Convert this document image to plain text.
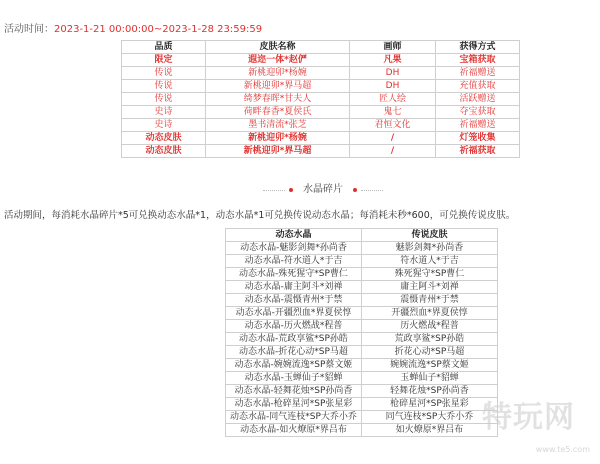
活动时间：2023-1-21 00:00:00~2023-1-28 23:59:59
品质	皮肤名称	画师	获得方式
限定	遐迩一体*赵俨	凡果	宝箱获取
传说	新桃迎卯*杨婉	DH	祈福赠送
传说	新桃迎卯*界马超	DH	充值获取
传说	绮梦春晖*甘夫人	匠人绘	活跃赠送
史诗	荷畔春香*夏侯氏	鬼七	夺宝获取
史诗	墨书清流*张芝	君恒文化	祈福赠送
动态皮肤	新桃迎卯*杨婉	/	灯笼收集
动态皮肤	新桃迎卯*界马超	/	祈福获取
水晶碎片
活动期间，每消耗水晶碎片*5可兑换动态水晶*1，动态水晶*1可兑换传说动态水晶；每消耗未秒*600，可兑换传说皮肤。
动态水晶	传说皮肤
动态水晶-魅影剑舞*孙尚香	魅影剑舞*孙尚香
动态水晶-符水道人*于吉	符水道人*于吉
动态水晶-殊死猩守*SP曹仁	殊死猩守*SP曹仁
动态水晶-庸主阿斗*刘禅	庸主阿斗*刘禅
动态水晶-震慑青州*于禁	震慑青州*于禁
动态水晶-开疆烈血*界夏侯惇	开疆烈血*界夏侯惇
动态水晶-历火燃战*程普	历火燃战*程普
动态水晶-荒政享鲨*SP孙皓	荒政享鲨*SP孙皓
动态水晶-折花心动*SP马超	折花心动*SP马超
动态水晶-婉婉流逸*SP蔡文姬	婉婉流逸*SP蔡文姬
动态水晶-玉蝉仙子*貂蝉	玉蝉仙子*貂蝉
动态水晶-轻舞花烛*SP孙尚香	轻舞花烛*SP孙尚香
动态水晶-枪碎星河*SP张星彩	枪碎星河*SP张星彩
动态水晶-同气连枝*SP大乔小乔	同气连枝*SP大乔小乔
动态水晶-如火燎原*界吕布	如火燎原*界吕布 特玩网
www.te5.com
